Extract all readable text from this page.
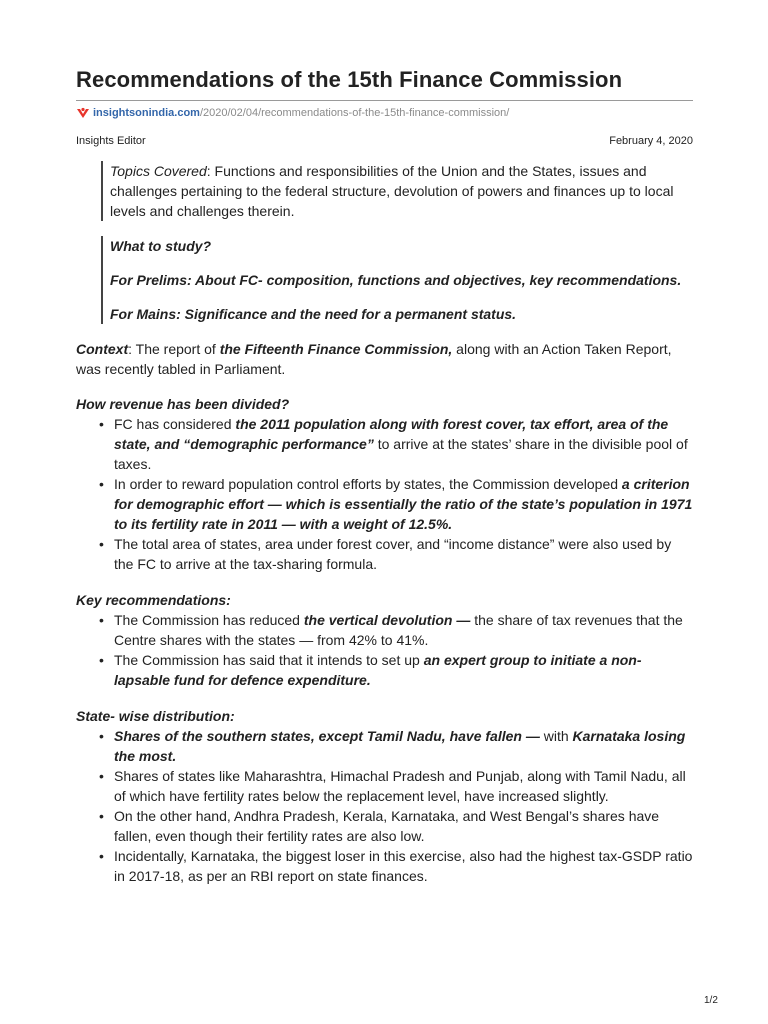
Recommendations of the 15th Finance Commission
insightsonindia.com /2020/02/04/recommendations-of-the-15th-finance-commission/
Insights Editor	February 4, 2020

Topics Covered: Functions and responsibilities of the Union and the States, issues and challenges pertaining to the federal structure, devolution of powers and finances up to local levels and challenges therein.

What to study?

For Prelims: About FC- composition, functions and objectives, key recommendations.

For Mains: Significance and the need for a permanent status.

Context: The report of the Fifteenth Finance Commission, along with an Action Taken Report, was recently tabled in Parliament.

How revenue has been divided?

• FC has considered the 2011 population along with forest cover, tax effort, area of the state, and “demographic performance” to arrive at the states’ share in the divisible pool of taxes.
• In order to reward population control efforts by states, the Commission developed a criterion for demographic effort — which is essentially the ratio of the state’s population in 1971 to its fertility rate in 2011 — with a weight of 12.5%.
• The total area of states, area under forest cover, and “income distance” were also used by the FC to arrive at the tax-sharing formula.

Key recommendations:

• The Commission has reduced the vertical devolution — the share of tax revenues that the Centre shares with the states — from 42% to 41%.
• The Commission has said that it intends to set up an expert group to initiate a non-lapsable fund for defence expenditure.

State- wise distribution:

• Shares of the southern states, except Tamil Nadu, have fallen — with Karnataka losing the most.
• Shares of states like Maharashtra, Himachal Pradesh and Punjab, along with Tamil Nadu, all of which have fertility rates below the replacement level, have increased slightly.
• On the other hand, Andhra Pradesh, Kerala, Karnataka, and West Bengal’s shares have fallen, even though their fertility rates are also low.
• Incidentally, Karnataka, the biggest loser in this exercise, also had the highest tax-GSDP ratio in 2017-18, as per an RBI report on state finances.
1/2
